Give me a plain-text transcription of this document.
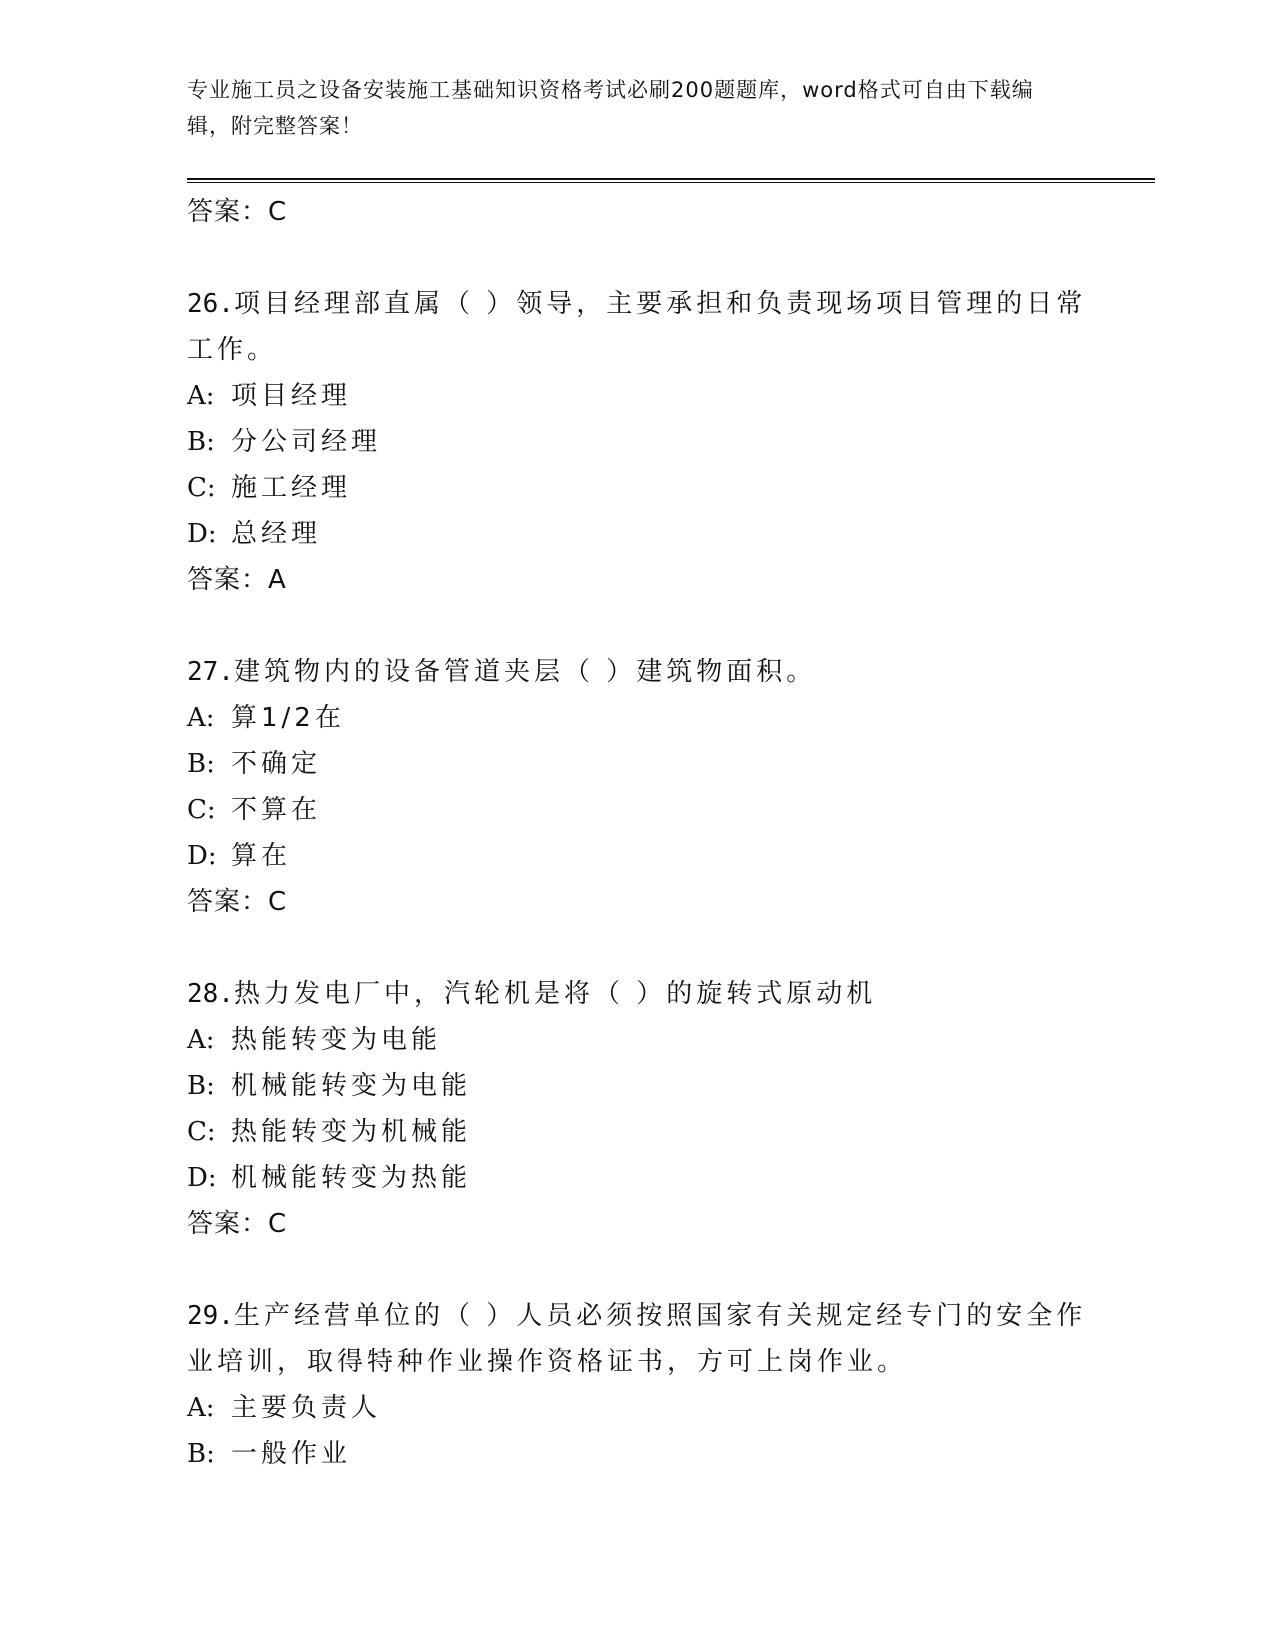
专业施工员之设备安装施工基础知识资格考试必刷200题题库，word格式可自由下载编辑，附完整答案！
答案：C
26.项目经理部直属（ ）领导，主要承担和负责现场项目管理的日常工作。
A: 项目经理
B: 分公司经理
C: 施工经理
D: 总经理
答案：A
27.建筑物内的设备管道夹层（ ）建筑物面积。
A: 算1/2在
B: 不确定
C: 不算在
D: 算在
答案：C
28.热力发电厂中，汽轮机是将（ ）的旋转式原动机
A: 热能转变为电能
B: 机械能转变为电能
C: 热能转变为机械能
D: 机械能转变为热能
答案：C
29.生产经营单位的（ ）人员必须按照国家有关规定经专门的安全作业培训，取得特种作业操作资格证书，方可上岗作业。
A: 主要负责人
B: 一般作业
